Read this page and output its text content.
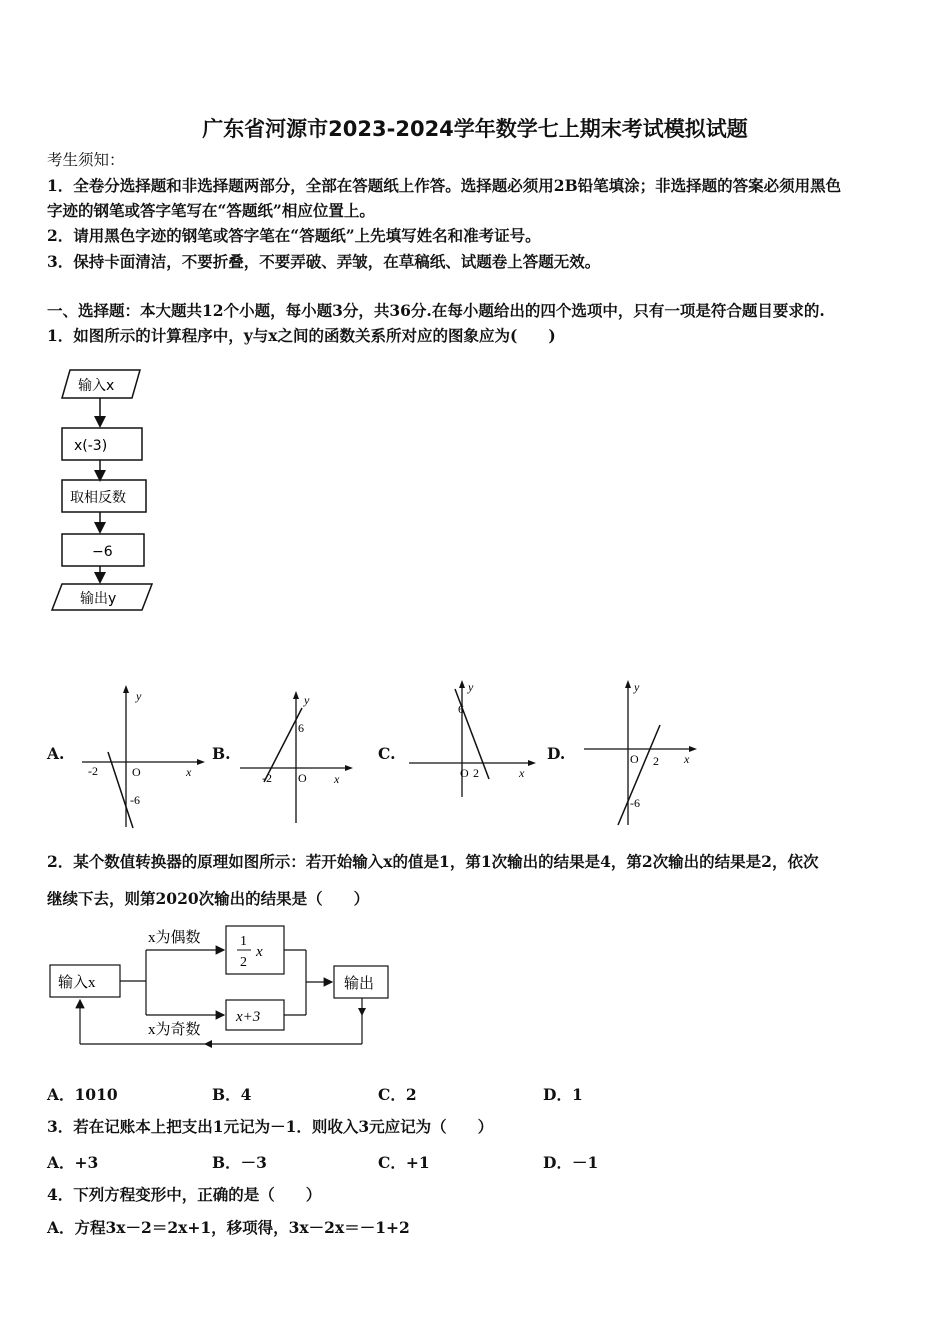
广东省河源市2023-2024学年数学七上期末考试模拟试题
考生须知：
1．全卷分选择题和非选择题两部分，全部在答题纸上作答。选择题必须用2B铅笔填涂；非选择题的答案必须用黑色
字迹的钢笔或答字笔写在“答题纸”相应位置上。
2．请用黑色字迹的钢笔或答字笔在“答题纸”上先填写姓名和准考证号。
3．保持卡面清洁，不要折叠，不要弄破、弄皱，在草稿纸、试题卷上答题无效。
一、选择题：本大题共12个小题，每小题3分，共36分.在每小题给出的四个选项中，只有一项是符合题目要求的.
1．如图所示的计算程序中，y与x之间的函数关系所对应的图象应为(　　)
输入x
x(-3)
取相反数
−6
输出y
A.	B.	C.	D.
y
x
O
-2
-6
y
x
O
-2
6
y
x
O 2
6
y
x
O 2
-6
2．某个数值转换器的原理如图所示：若开始输入x的值是1，第1次输出的结果是4，第2次输出的结果是2，依次
继续下去，则第2020次输出的结果是（　　）
输入x
x为偶数
x为奇数
1
2
x
x+3
输出
A．1010	B．4	C．2	D．1
3．若在记账本上把支出1元记为－1．则收入3元应记为（　　）
A．+3	B．－3	C．+1	D．－1
4．下列方程变形中，正确的是（　　）
A．方程3x－2＝2x+1，移项得，3x－2x＝－1+2
